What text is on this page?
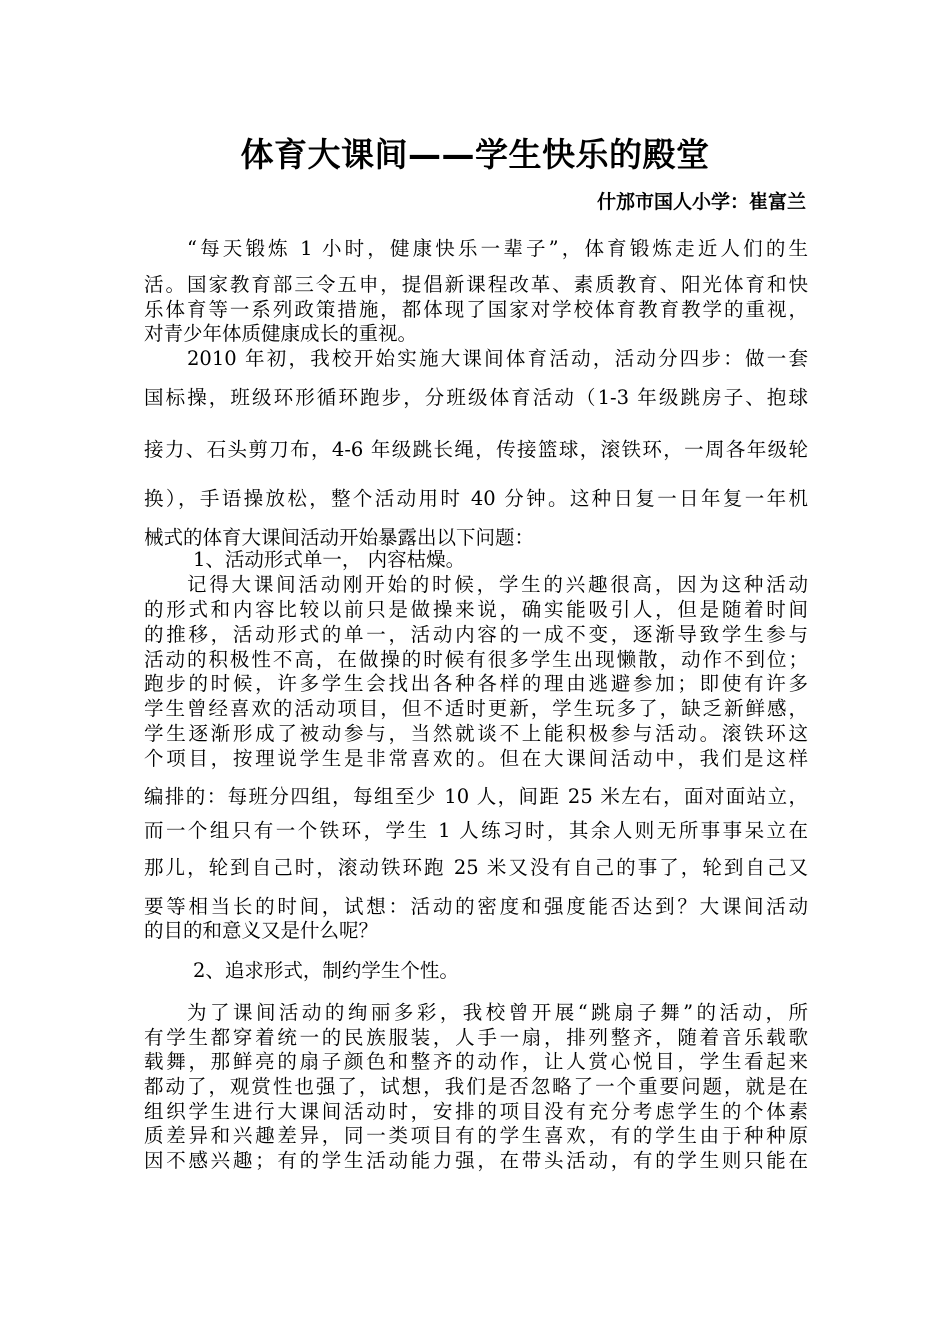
体育大课间——学生快乐的殿堂
什邡市国人小学：崔富兰
“每天锻炼 1 小时，健康快乐一辈子”，体育锻炼走近人们的生
活。国家教育部三令五申，提倡新课程改革、素质教育、阳光体育和快
乐体育等一系列政策措施，都体现了国家对学校体育教育教学的重视，
对青少年体质健康成长的重视。
2010 年初，我校开始实施大课间体育活动，活动分四步：做一套
国标操，班级环形循环跑步，分班级体育活动（1-3 年级跳房子、抱球
接力、石头剪刀布，4-6 年级跳长绳，传接篮球，滚铁环，一周各年级轮
换），手语操放松，整个活动用时 40 分钟。这种日复一日年复一年机
械式的体育大课间活动开始暴露出以下问题：
1、活动形式单一， 内容枯燥。
记得大课间活动刚开始的时候，学生的兴趣很高，因为这种活动
的形式和内容比较以前只是做操来说，确实能吸引人，但是随着时间
的推移，活动形式的单一，活动内容的一成不变，逐渐导致学生参与
活动的积极性不高，在做操的时候有很多学生出现懒散，动作不到位；
跑步的时候，许多学生会找出各种各样的理由逃避参加；即使有许多
学生曾经喜欢的活动项目，但不适时更新，学生玩多了，缺乏新鲜感，
学生逐渐形成了被动参与，当然就谈不上能积极参与活动。滚铁环这
个项目，按理说学生是非常喜欢的。但在大课间活动中，我们是这样
编排的：每班分四组，每组至少 10 人，间距 25 米左右，面对面站立，
而一个组只有一个铁环，学生 1 人练习时，其余人则无所事事呆立在
那儿，轮到自己时，滚动铁环跑 25 米又没有自己的事了，轮到自己又
要等相当长的时间，试想：活动的密度和强度能否达到？大课间活动
的目的和意义又是什么呢？
2、追求形式，制约学生个性。
为了课间活动的绚丽多彩，我校曾开展“跳扇子舞”的活动，所
有学生都穿着统一的民族服装，人手一扇，排列整齐，随着音乐载歌
载舞，那鲜亮的扇子颜色和整齐的动作，让人赏心悦目，学生看起来
都动了，观赏性也强了，试想，我们是否忽略了一个重要问题，就是在
组织学生进行大课间活动时，安排的项目没有充分考虑学生的个体素
质差异和兴趣差异，同一类项目有的学生喜欢，有的学生由于种种原
因不感兴趣；有的学生活动能力强，在带头活动，有的学生则只能在
